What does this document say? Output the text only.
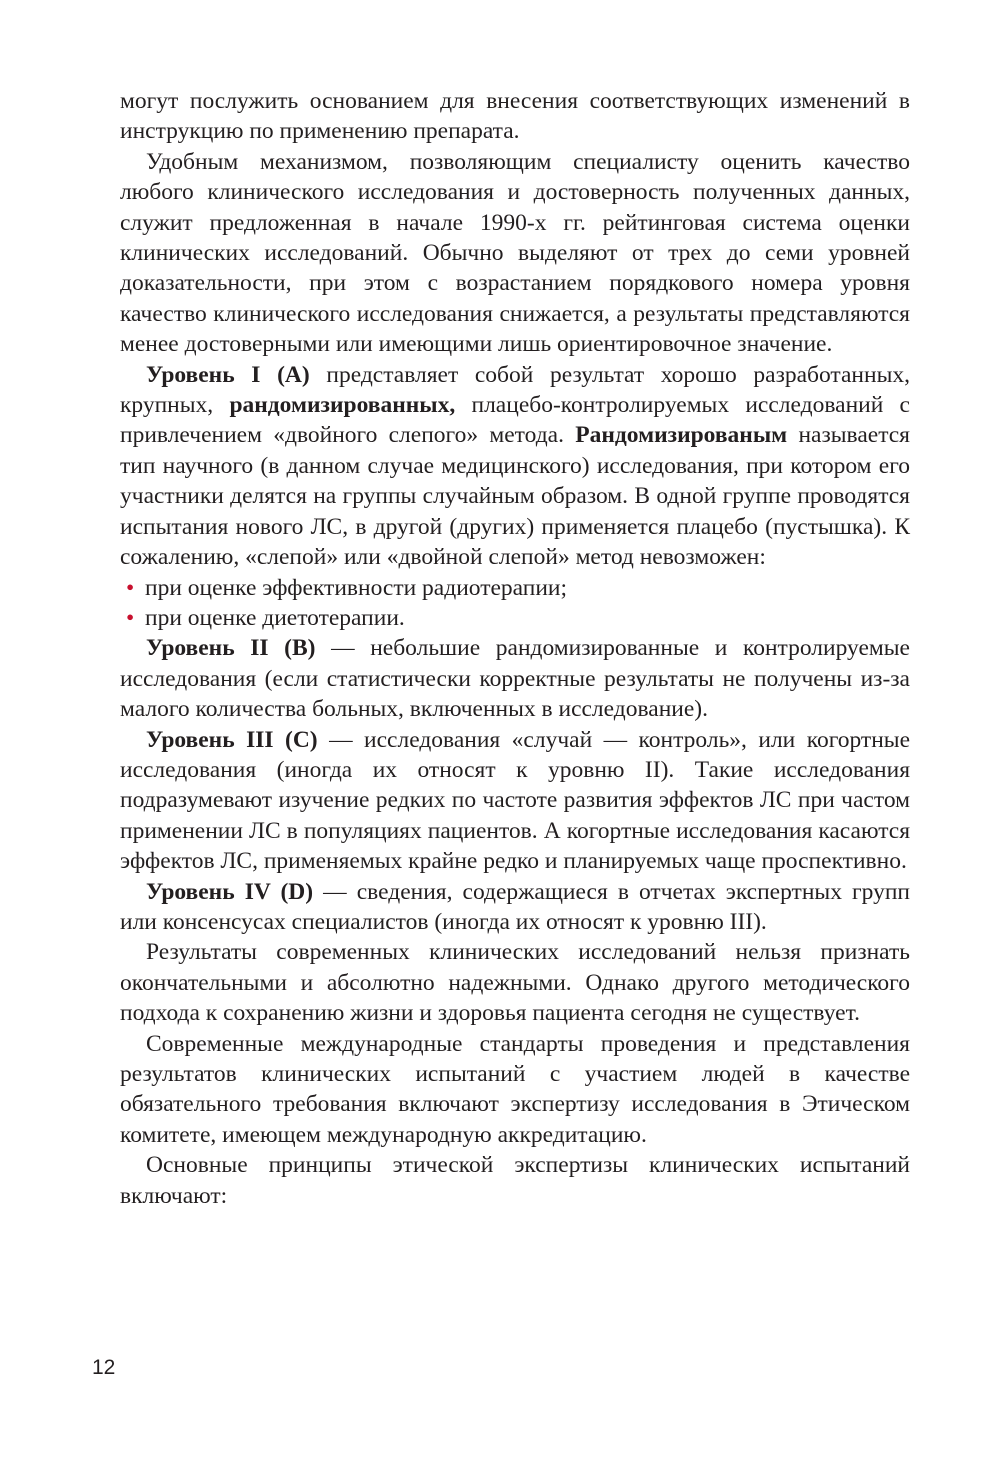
могут послужить основанием для внесения соответствующих изменений в инструкцию по применению препарата.

Удобным механизмом, позволяющим специалисту оценить качество любого клинического исследования и достоверность полученных данных, служит предложенная в начале 1990-х гг. рейтинговая система оценки клинических исследований. Обычно выделяют от трех до семи уровней доказательности, при этом с возрастанием порядкового номера уровня качество клинического исследования снижается, а результаты представляются менее достоверными или имеющими лишь ориентировочное значение.

Уровень I (А) представляет собой результат хорошо разработанных, крупных, рандомизированных, плацебо-контролируемых исследований с привлечением «двойного слепого» метода. Рандомизированым называется тип научного (в данном случае медицинского) исследования, при котором его участники делятся на группы случайным образом. В одной группе проводятся испытания нового ЛС, в другой (других) применяется плацебо (пустышка). К сожалению, «слепой» или «двойной слепой» метод невозможен:

• при оценке эффективности радиотерапии;
• при оценке диетотерапии.

Уровень II (В) — небольшие рандомизированные и контролируемые исследования (если статистически корректные результаты не получены из-за малого количества больных, включенных в исследование).

Уровень III (С) — исследования «случай — контроль», или когортные исследования (иногда их относят к уровню II). Такие исследования подразумевают изучение редких по частоте развития эффектов ЛС при частом применении ЛС в популяциях пациентов. А когортные исследования касаются эффектов ЛС, применяемых крайне редко и планируемых чаще проспективно.

Уровень IV (D) — сведения, содержащиеся в отчетах экспертных групп или консенсусах специалистов (иногда их относят к уровню III).

Результаты современных клинических исследований нельзя признать окончательными и абсолютно надежными. Однако другого методического подхода к сохранению жизни и здоровья пациента сегодня не существует.

Современные международные стандарты проведения и представления результатов клинических испытаний с участием людей в качестве обязательного требования включают экспертизу исследования в Этическом комитете, имеющем международную аккредитацию.

Основные принципы этической экспертизы клинических испытаний включают:

12
